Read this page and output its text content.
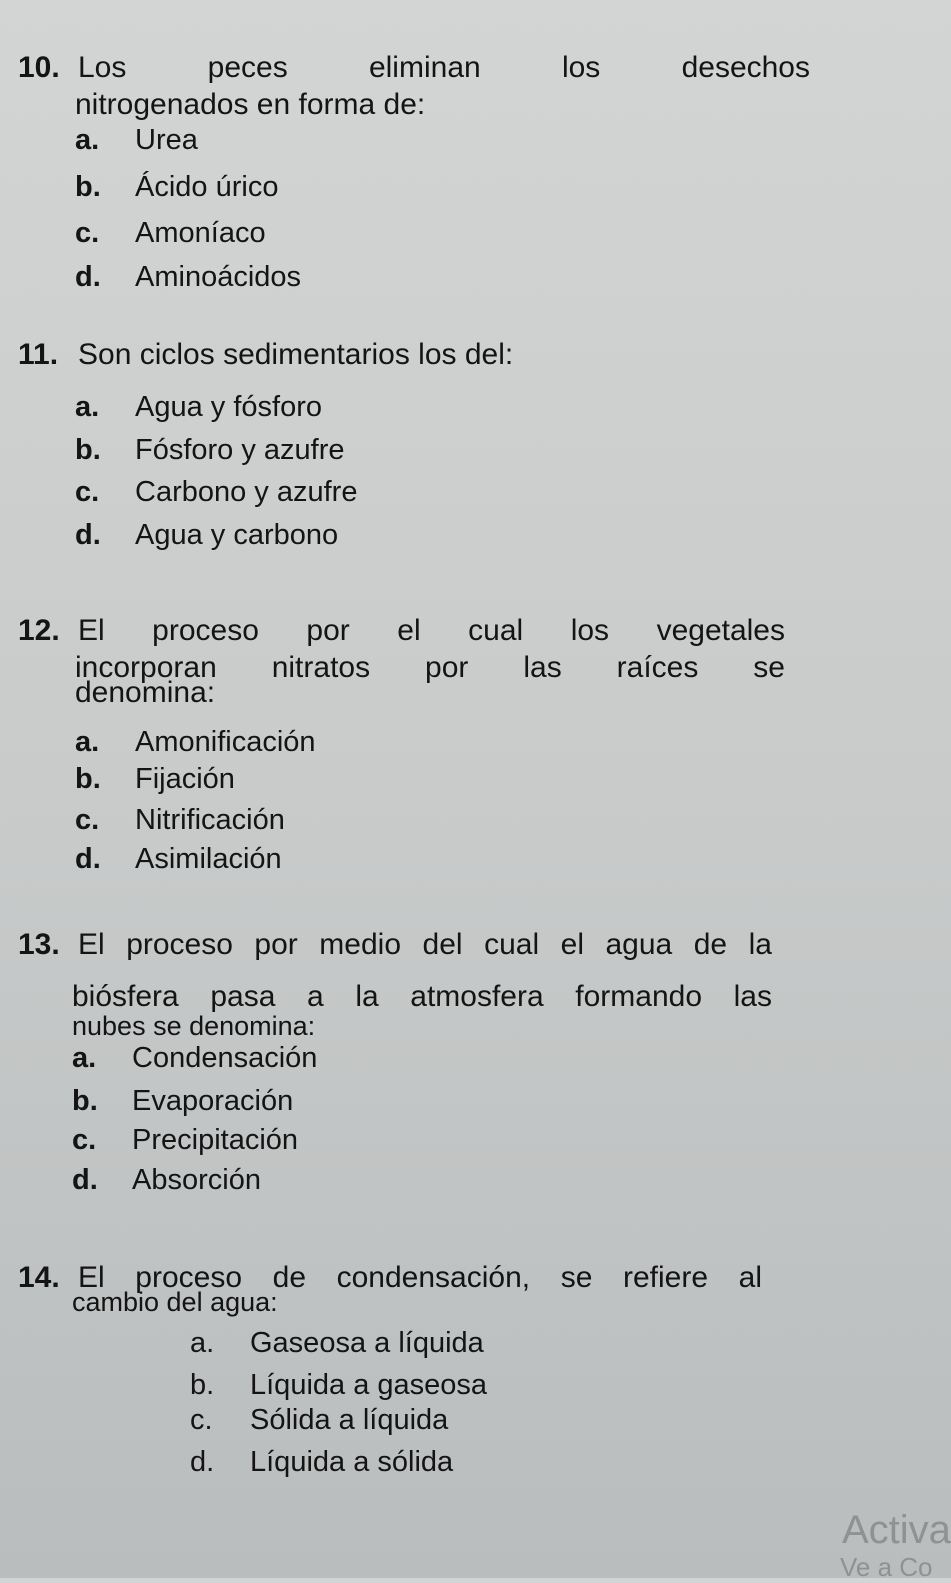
10. Los peces eliminan los desechos
nitrogenados en forma de:
a. Urea
b. Ácido úrico
c. Amoníaco
d. Aminoácidos
11. Son ciclos sedimentarios los del:
a. Agua y fósforo
b. Fósforo y azufre
c. Carbono y azufre
d. Agua y carbono
12. El proceso por el cual los vegetales
incorporan nitratos por las raíces se
denomina:
a. Amonificación
b. Fijación
c. Nitrificación
d. Asimilación
13. El proceso por medio del cual el agua de la
biósfera pasa a la atmosfera formando las
nubes se denomina:
a. Condensación
b. Evaporación
c. Precipitación
d. Absorción
14. El proceso de condensación, se refiere al
cambio del agua:
a. Gaseosa a líquida
b. Líquida a gaseosa
c. Sólida a líquida
d. Líquida a sólida
Activa
Ve a Co
